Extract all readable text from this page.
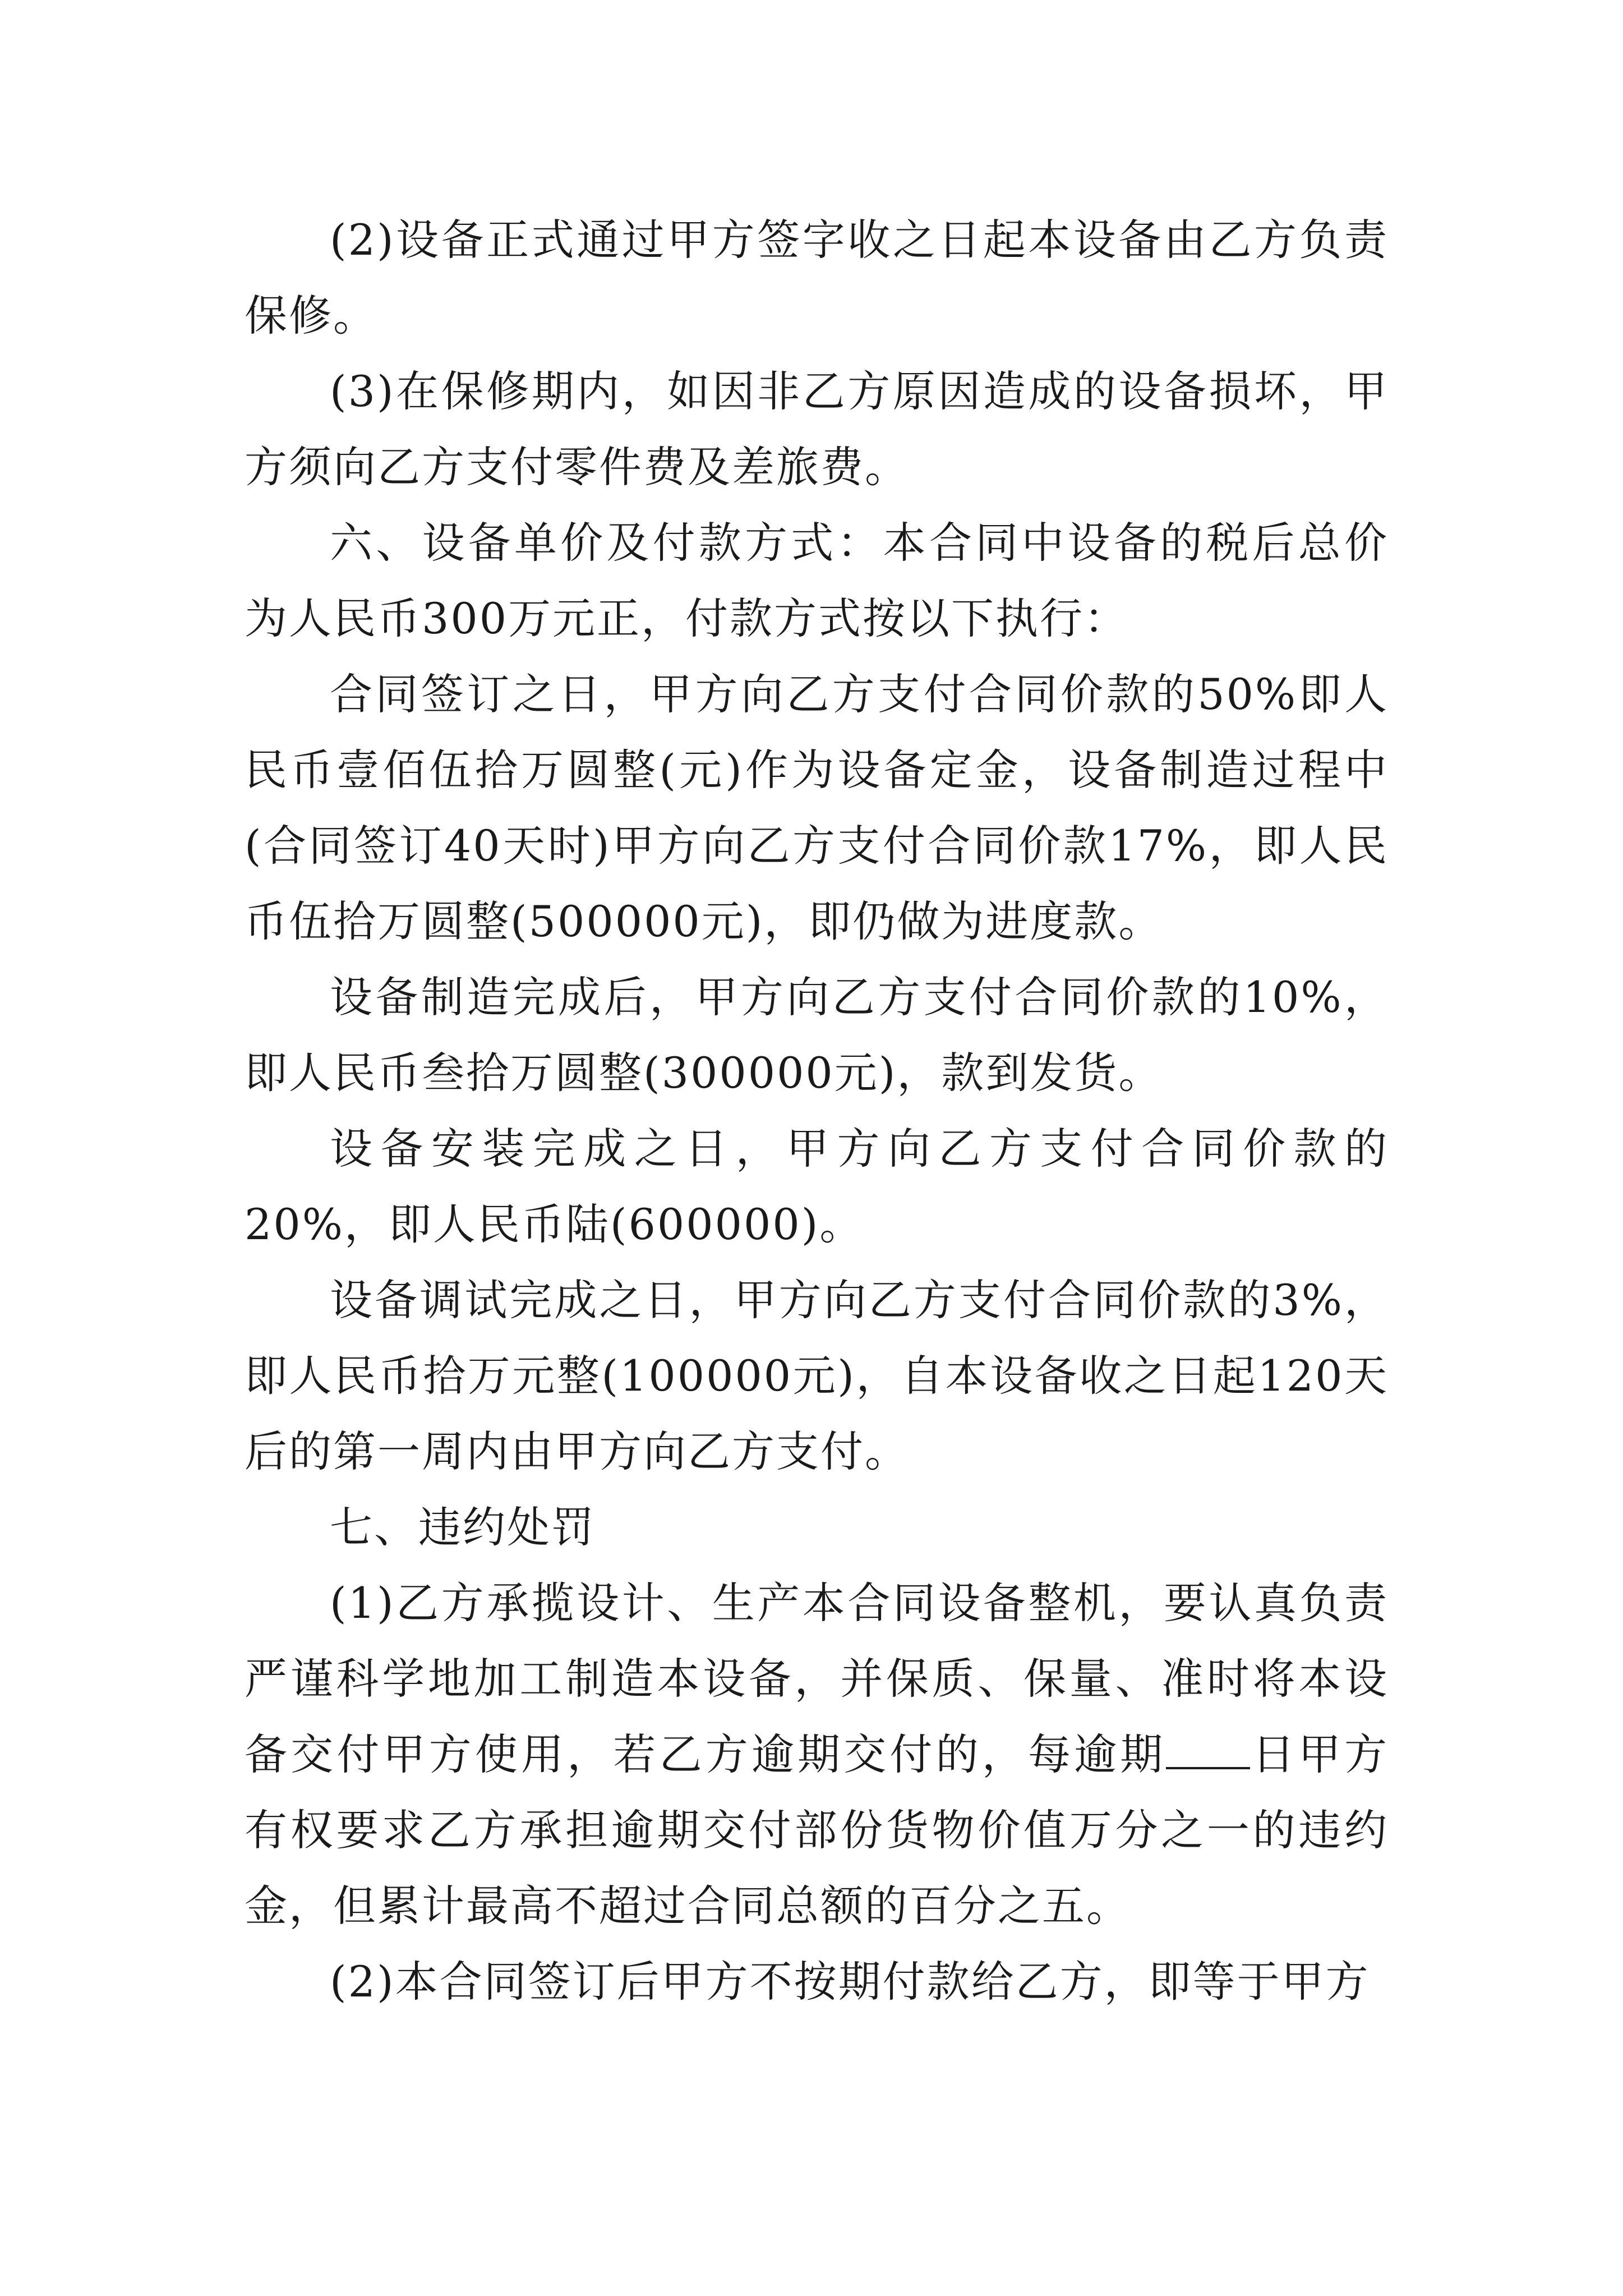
(2)设备正式通过甲方签字收之日起本设备由乙方负责保修。

(3)在保修期内，如因非乙方原因造成的设备损坏，甲方须向乙方支付零件费及差旅费。

六、设备单价及付款方式：本合同中设备的税后总价为人民币300万元正，付款方式按以下执行：

合同签订之日，甲方向乙方支付合同价款的50%即人民币壹佰伍拾万圆整(元)作为设备定金，设备制造过程中(合同签订40天时)甲方向乙方支付合同价款17%，即人民币伍拾万圆整(500000元)，即仍做为进度款。

设备制造完成后，甲方向乙方支付合同价款的10%，即人民币叁拾万圆整(300000元)，款到发货。

设备安装完成之日，甲方向乙方支付合同价款的20%，即人民币陆(600000)。

设备调试完成之日，甲方向乙方支付合同价款的3%，即人民币拾万元整(100000元)，自本设备收之日起120天后的第一周内由甲方向乙方支付。

七、违约处罚

(1)乙方承揽设计、生产本合同设备整机，要认真负责严谨科学地加工制造本设备，并保质、保量、准时将本设备交付甲方使用，若乙方逾期交付的，每逾期 日甲方有权要求乙方承担逾期交付部份货物价值万分之一的违约金，但累计最高不超过合同总额的百分之五。

(2)本合同签订后甲方不按期付款给乙方，即等于甲方
